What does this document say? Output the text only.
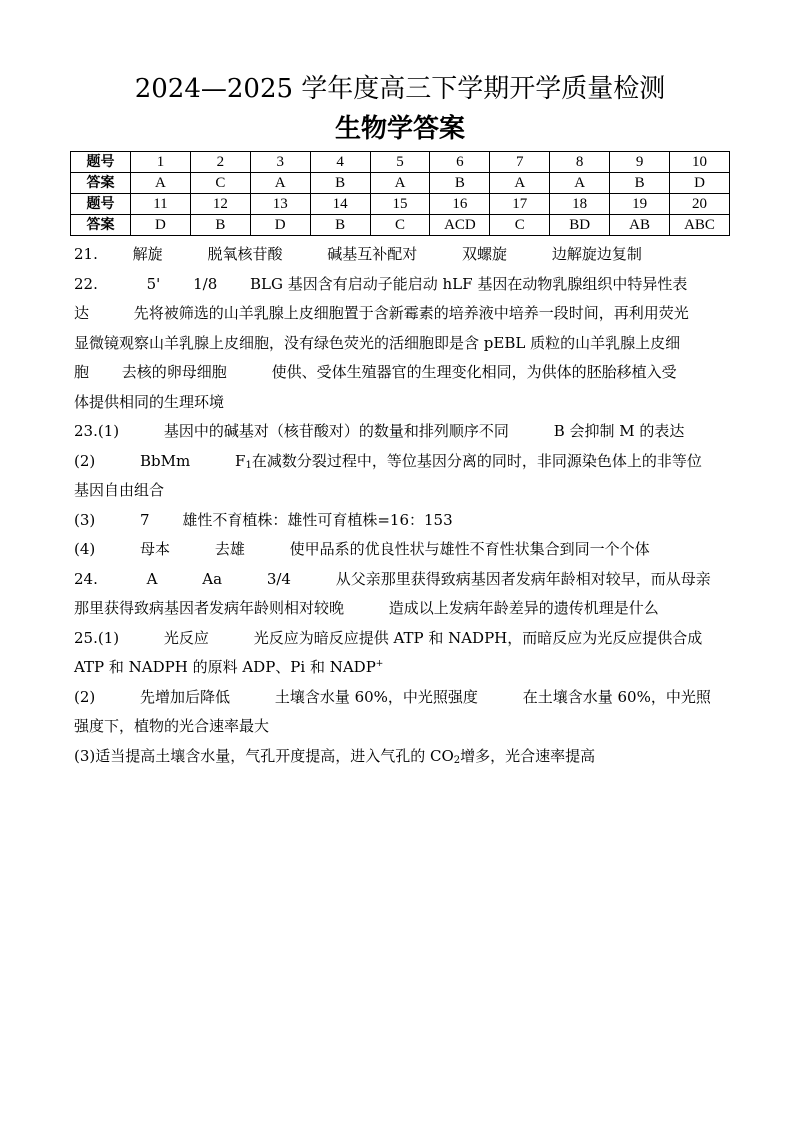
2024—2025 学年度高三下学期开学质量检测
生物学答案
题号	1	2	3	4	5	6	7	8	9	10
答案	A	C	A	B	A	B	A	A	B	D
题号	11	12	13	14	15	16	17	18	19	20
答案	D	B	D	B	C	ACD	C	BD	AB	ABC
21. 解旋	脱氧核苷酸	碱基互补配对	双螺旋	边解旋边复制
22.	5' 1/8 BLG 基因含有启动子能启动 hLF 基因在动物乳腺组织中特异性表
达	先将被筛选的山羊乳腺上皮细胞置于含新霉素的培养液中培养一段时间，再利用荧光
显微镜观察山羊乳腺上皮细胞，没有绿色荧光的活细胞即是含 pEBL 质粒的山羊乳腺上皮细
胞 去核的卵母细胞	使供、受体生殖器官的生理变化相同，为供体的胚胎移植入受
体提供相同的生理环境
23.(1)	基因中的碱基对（核苷酸对）的数量和排列顺序不同	B 会抑制 M 的表达
(2)	BbMm	$F_1$在减数分裂过程中，等位基因分离的同时，非同源染色体上的非等位
基因自由组合
(3)	7 雄性不育植株：雄性可育植株=16：153
(4)	母本	去雄	使甲品系的优良性状与雄性不育性状集合到同一个个体
24.	A	Aa	3/4	从父亲那里获得致病基因者发病年龄相对较早，而从母亲
那里获得致病基因者发病年龄则相对较晚	造成以上发病年龄差异的遗传机理是什么
25.(1)	光反应	光反应为暗反应提供 ATP 和 NADPH，而暗反应为光反应提供合成
ATP 和 NADPH 的原料 ADP、Pi 和 NADP+
(2)	先增加后降低	土壤含水量 60%，中光照强度	在土壤含水量 60%，中光照
强度下，植物的光合速率最大
(3)适当提高土壤含水量，气孔开度提高，进入气孔的 $CO_2$增多，光合速率提高
